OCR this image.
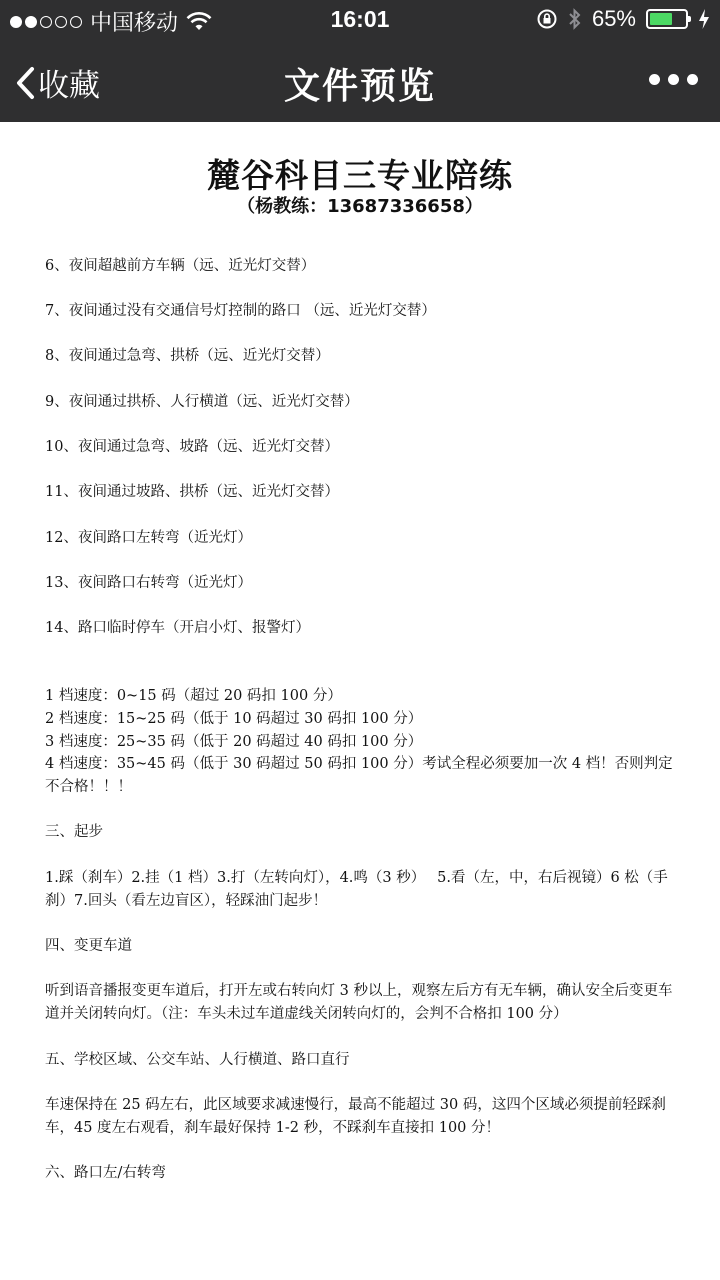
中国移动	16:01	65%
收藏	文件预览
麓谷科目三专业陪练
（杨教练：13687336658）
6、夜间超越前方车辆（远、近光灯交替）
7、夜间通过没有交通信号灯控制的路口 （远、近光灯交替）
8、夜间通过急弯、拱桥（远、近光灯交替）
9、夜间通过拱桥、人行横道（远、近光灯交替）
10、夜间通过急弯、坡路（远、近光灯交替）
11、夜间通过坡路、拱桥（远、近光灯交替）
12、夜间路口左转弯（近光灯）
13、夜间路口右转弯（近光灯）
14、路口临时停车（开启小灯、报警灯）
1 档速度：0~15 码（超过 20 码扣 100 分）
2 档速度：15~25 码（低于 10 码超过 30 码扣 100 分）
3 档速度：25~35 码（低于 20 码超过 40 码扣 100 分）
4 档速度：35~45 码（低于 30 码超过 50 码扣 100 分）考试全程必须要加一次 4 档！否则判定不合格！！！
三、起步
1.踩（刹车）2.挂（1 档）3.打（左转向灯），4.鸣（3 秒）　 5.看（左，中，右后视镜）6 松（手刹）7.回头（看左边盲区），轻踩油门起步！
四、变更车道
听到语音播报变更车道后，打开左或右转向灯 3 秒以上，观察左后方有无车辆，确认安全后变更车道并关闭转向灯。（注：车头未过车道虚线关闭转向灯的，会判不合格扣 100 分）
五、学校区域、公交车站、人行横道、路口直行
车速保持在 25 码左右，此区域要求减速慢行，最高不能超过 30 码，这四个区域必须提前轻踩刹车，45 度左右观看，刹车最好保持 1-2 秒，不踩刹车直接扣 100 分！
六、路口左/右转弯
